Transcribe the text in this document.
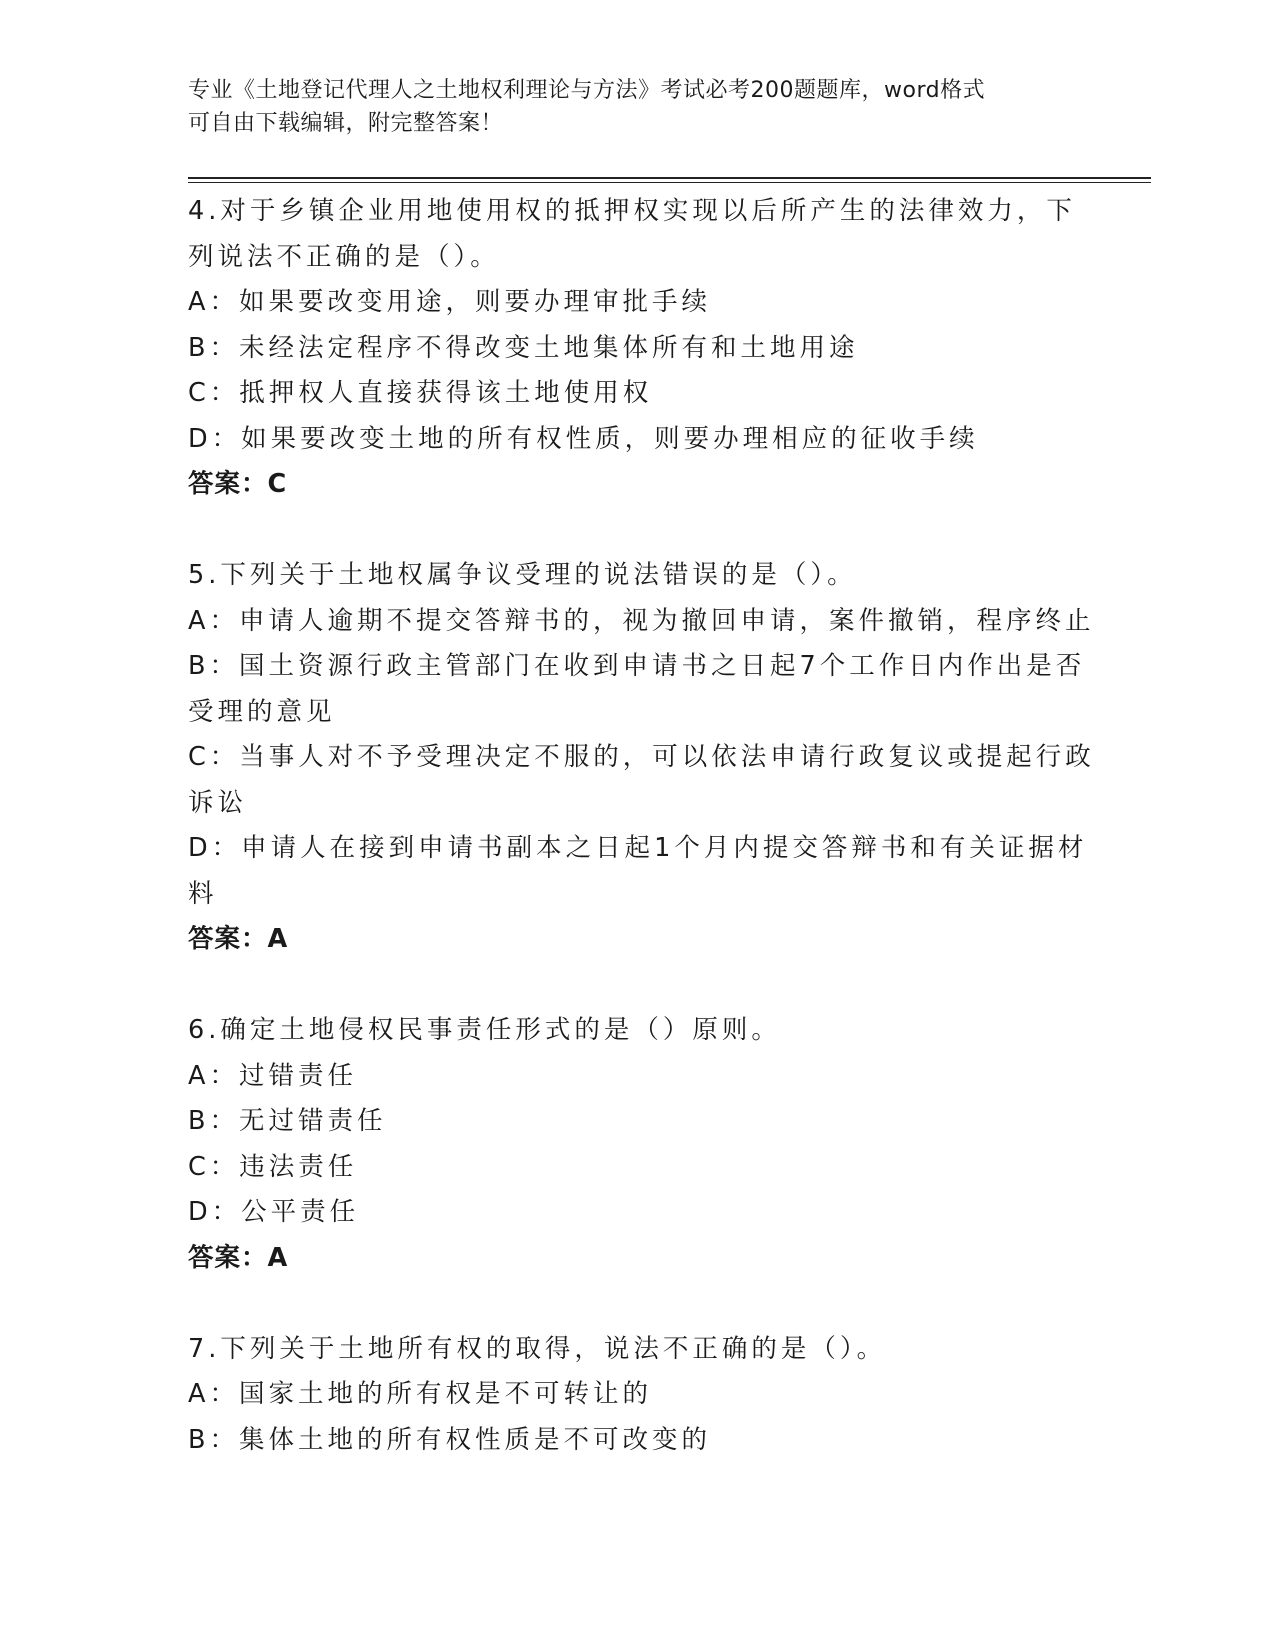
专业《土地登记代理人之土地权利理论与方法》考试必考200题题库，word格式
可自由下载编辑，附完整答案！
4.对于乡镇企业用地使用权的抵押权实现以后所产生的法律效力，下
列说法不正确的是（）。
A：如果要改变用途，则要办理审批手续
B：未经法定程序不得改变土地集体所有和土地用途
C：抵押权人直接获得该土地使用权
D：如果要改变土地的所有权性质，则要办理相应的征收手续
答案：C
5.下列关于土地权属争议受理的说法错误的是（）。
A：申请人逾期不提交答辩书的，视为撤回申请，案件撤销，程序终止
B：国土资源行政主管部门在收到申请书之日起7个工作日内作出是否
受理的意见
C：当事人对不予受理决定不服的，可以依法申请行政复议或提起行政
诉讼
D：申请人在接到申请书副本之日起1个月内提交答辩书和有关证据材
料
答案：A
6.确定土地侵权民事责任形式的是（）原则。
A：过错责任
B：无过错责任
C：违法责任
D：公平责任
答案：A
7.下列关于土地所有权的取得，说法不正确的是（）。
A：国家土地的所有权是不可转让的
B：集体土地的所有权性质是不可改变的
